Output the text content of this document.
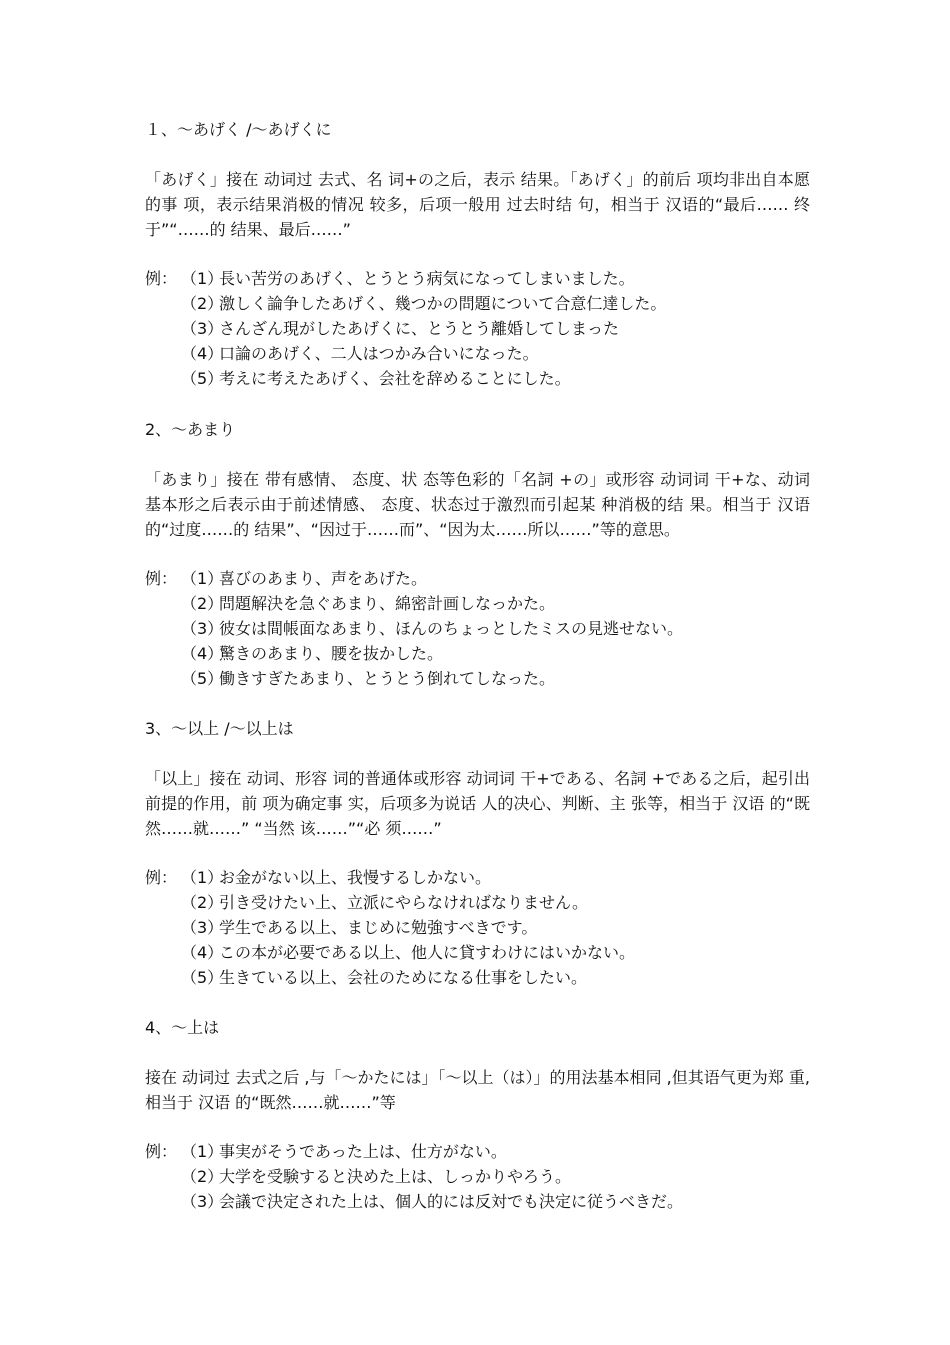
１、～あげく /～あげくに
「あげく」接在 动词过 去式、名 词+の之后，表示 结果。「あげく」的前后 项均非出自本愿的事 项，表示结果消极的情况 较多，后项一般用 过去时结 句，相当于 汉语的“最后…… 终于”“……的 结果、最后……”
例： （1）
長い苦労のあげく、とうとう病気になってしまいました。
（2）
激しく論争したあげく、幾つかの問題について合意仁達した。
（3）
さんざん現がしたあげくに、とうとう離婚してしまった
（4）
口論のあげく、二人はつかみ合いになった。
（5）
考えに考えたあげく、会社を辞めることにした。
2、～あまり
「あまり」接在 带有感情、 态度、状 态等色彩的「名詞 +の」或形容 动词词 干+な、动词基本形之后表示由于前述情感、 态度、状态过于激烈而引起某 种消极的结 果。相当于 汉语的“过度……的 结果”、“因过于……而”、“因为太……所以……”等的意思。
例： （1）
喜びのあまり、声をあげた。
（2）
問題解決を急ぐあまり、綿密計画しなっかた。
（3）
彼女は間帳面なあまり、ほんのちょっとしたミスの見逃せない。
（4）
驚きのあまり、腰を抜かした。
（5）
働きすぎたあまり、とうとう倒れてしなった。
3、～以上 /～以上は
「以上」接在 动词、形容 词的普通体或形容 动词词 干+である、名詞 +である之后，起引出前提的作用，前 项为确定事 实，后项多为说话 人的决心、判断、主 张等，相当于 汉语 的“既然……就……” “当然 该……”“必 须……”
例： （1）
お金がない以上、我慢するしかない。
（2）
引き受けたい上、立派にやらなければなりません。
（3）
学生である以上、まじめに勉強すべきです。
（4）
この本が必要である以上、他人に貸すわけにはいかない。
（5）
生きている以上、会社のためになる仕事をしたい。
4、～上は
接在 动词过 去式之后 ,与「～かたには」「～以上（は）」的用法基本相同 ,但其语气更为郑 重,相当于 汉语 的“既然……就……”等
例： （1）
事実がそうであった上は、仕方がない。
（2）
大学を受験すると決めた上は、しっかりやろう。
（3）
会議で決定された上は、個人的には反対でも決定に従うべきだ。
